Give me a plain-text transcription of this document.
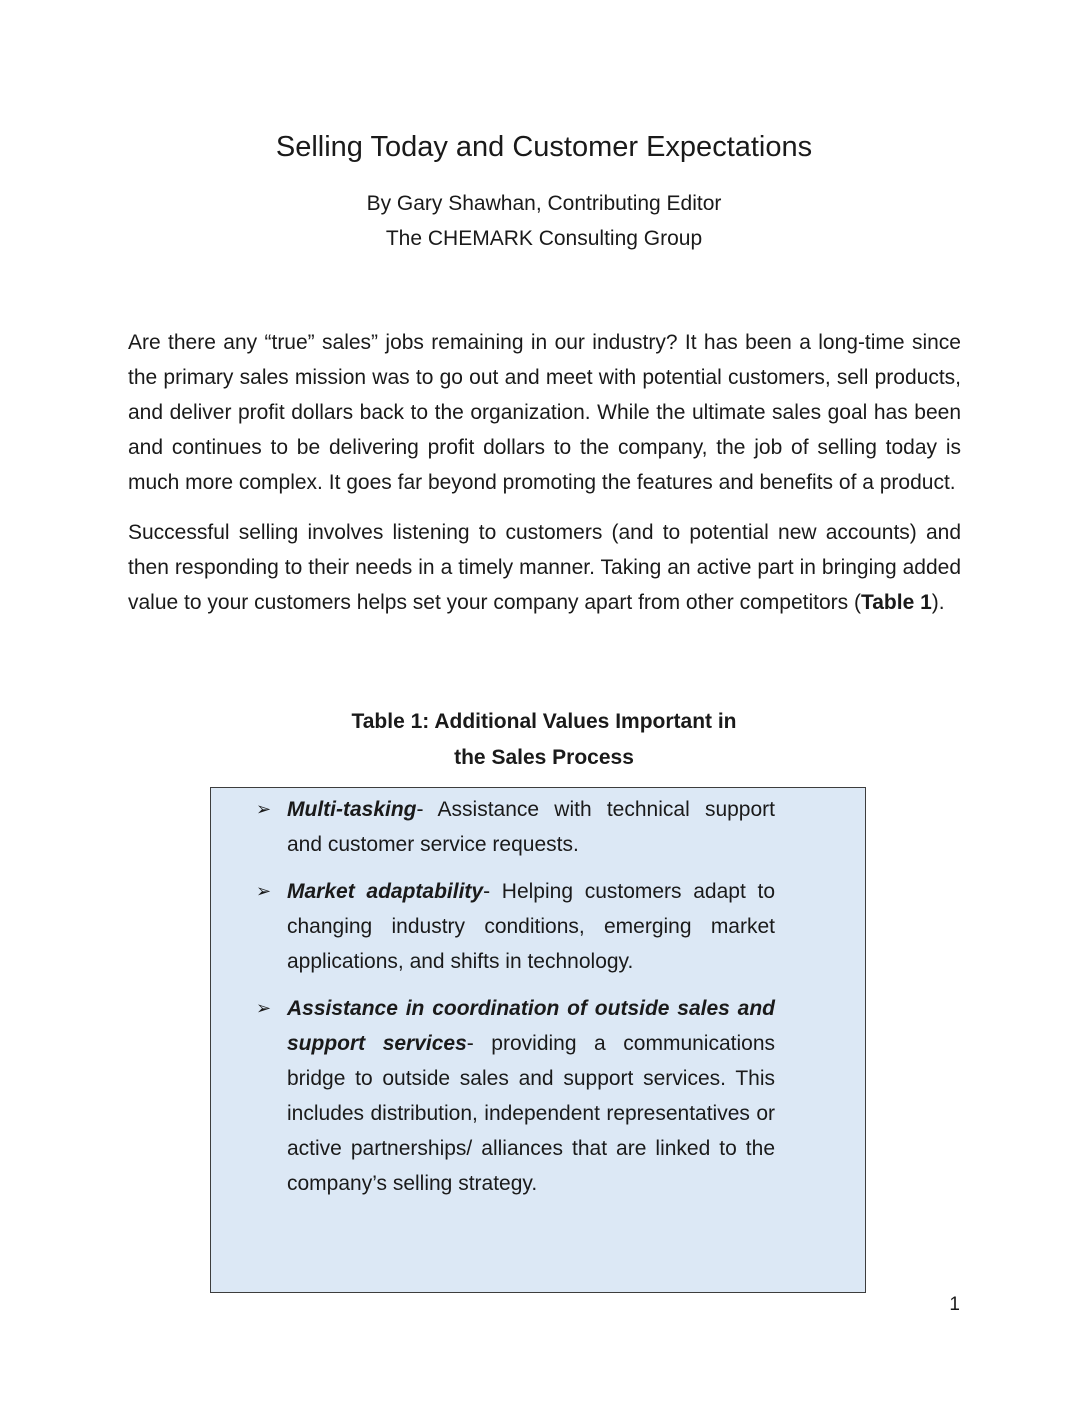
Selling Today and Customer Expectations
By Gary Shawhan, Contributing Editor
The CHEMARK Consulting Group

Are there any “true” sales” jobs remaining in our industry? It has been a long-time since the primary sales mission was to go out and meet with potential customers, sell products, and deliver profit dollars back to the organization. While the ultimate sales goal has been and continues to be delivering profit dollars to the company, the job of selling today is much more complex. It goes far beyond promoting the features and benefits of a product.

Successful selling involves listening to customers (and to potential new accounts) and then responding to their needs in a timely manner. Taking an active part in bringing added value to your customers helps set your company apart from other competitors (Table 1).

Table 1: Additional Values Important in
the Sales Process
➢ Multi-tasking- Assistance with technical support and customer service requests.
➢ Market adaptability- Helping customers adapt to changing industry conditions, emerging market applications, and shifts in technology.
➢ Assistance in coordination of outside sales and support services- providing a communications bridge to outside sales and support services. This includes distribution, independent representatives or active partnerships/ alliances that are linked to the company’s selling strategy.
1
